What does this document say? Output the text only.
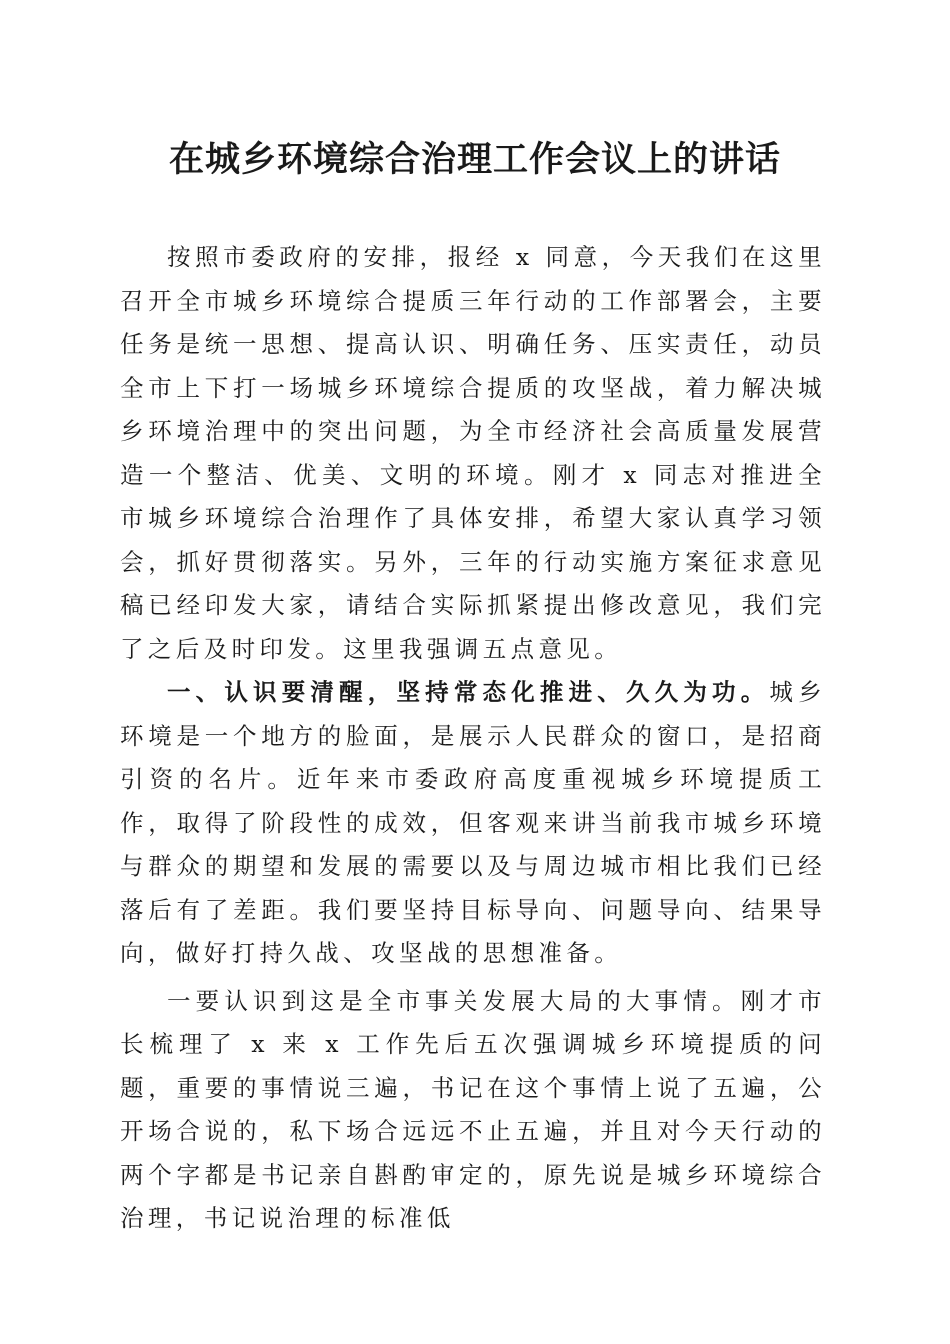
在城乡环境综合治理工作会议上的讲话

按照市委政府的安排，报经 x 同意，今天我们在这里召开全市城乡环境综合提质三年行动的工作部署会，主要任务是统一思想、提高认识、明确任务、压实责任，动员全市上下打一场城乡环境综合提质的攻坚战，着力解决城乡环境治理中的突出问题，为全市经济社会高质量发展营造一个整洁、优美、文明的环境。刚才 x 同志对推进全市城乡环境综合治理作了具体安排，希望大家认真学习领会，抓好贯彻落实。另外，三年的行动实施方案征求意见稿已经印发大家，请结合实际抓紧提出修改意见，我们完了之后及时印发。这里我强调五点意见。

一、认识要清醒，坚持常态化推进、久久为功。城乡环境是一个地方的脸面，是展示人民群众的窗口，是招商引资的名片。近年来市委政府高度重视城乡环境提质工作，取得了阶段性的成效，但客观来讲当前我市城乡环境与群众的期望和发展的需要以及与周边城市相比我们已经落后有了差距。我们要坚持目标导向、问题导向、结果导向，做好打持久战、攻坚战的思想准备。

一要认识到这是全市事关发展大局的大事情。刚才市长梳理了 x 来 x 工作先后五次强调城乡环境提质的问题，重要的事情说三遍，书记在这个事情上说了五遍，公开场合说的，私下场合远远不止五遍，并且对今天行动的两个字都是书记亲自斟酌审定的，原先说是城乡环境综合治理，书记说治理的标准低
